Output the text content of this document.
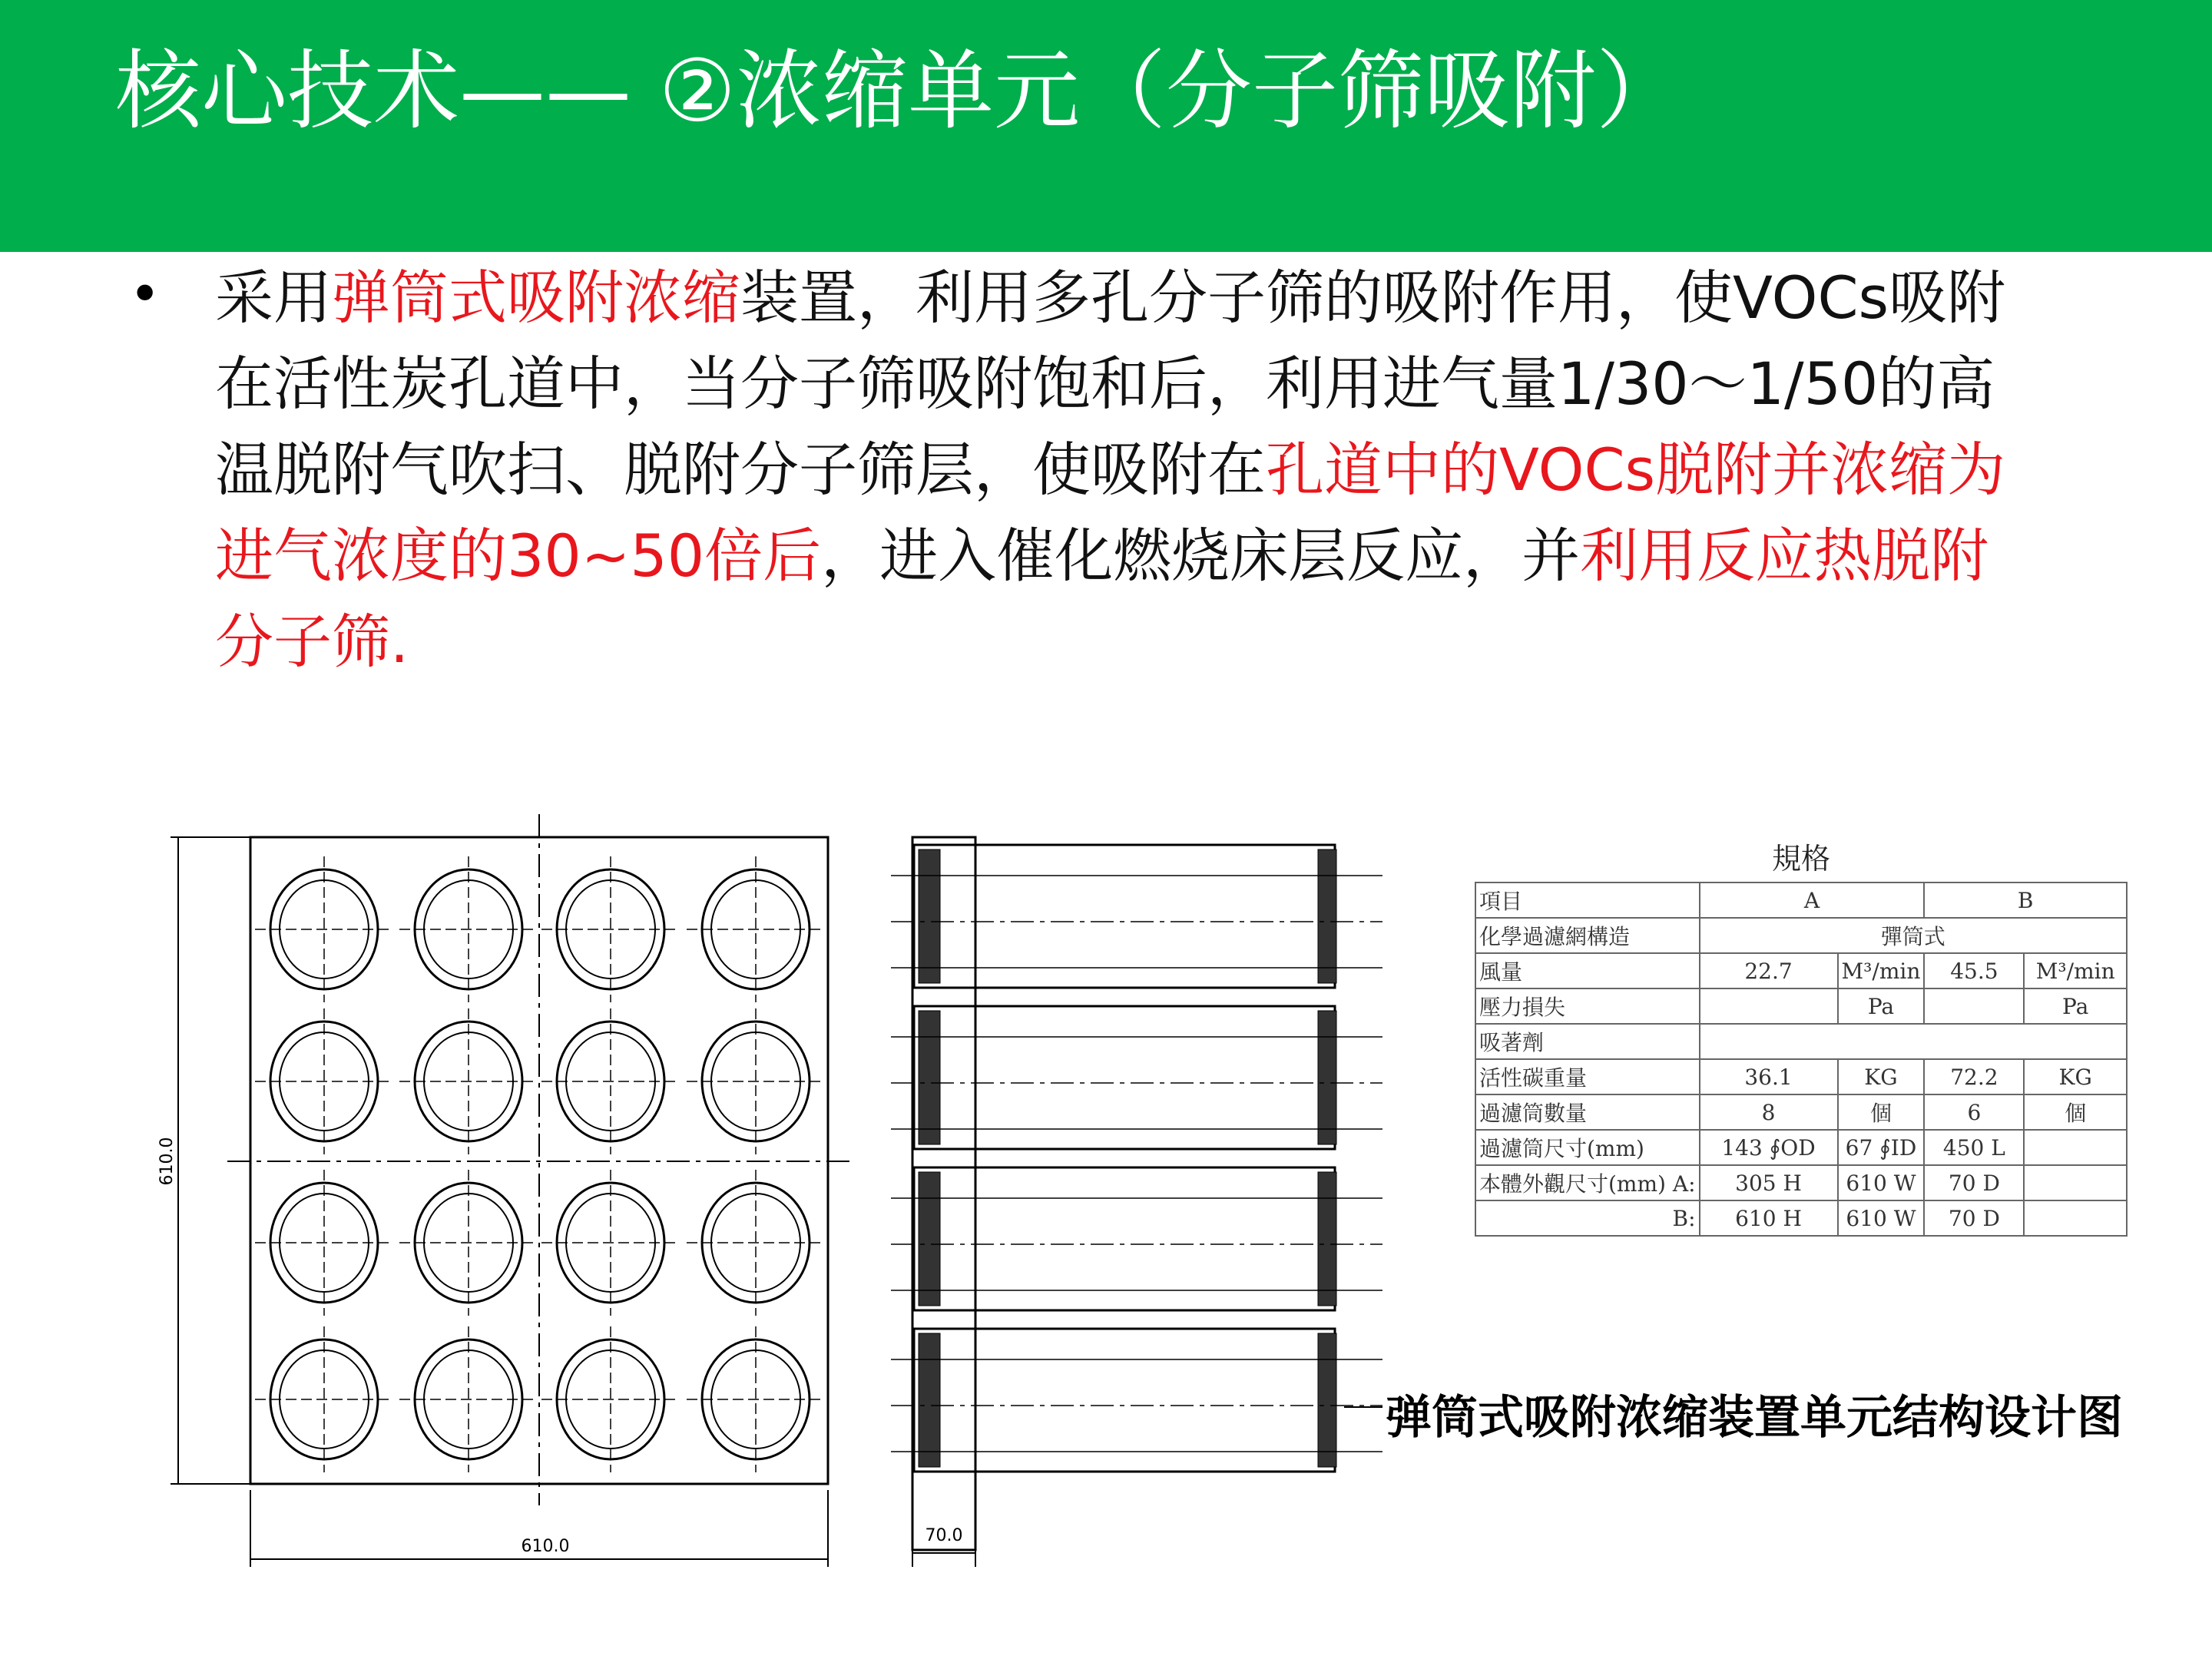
核心技术—— ②浓缩单元（分子筛吸附）
• 采用弹筒式吸附浓缩装置，利用多孔分子筛的吸附作用，使VOCs吸附在活性炭孔道中，当分子筛吸附饱和后，利用进气量1/30～1/50的高温脱附气吹扫、脱附分子筛层，使吸附在孔道中的VOCs脱附并浓缩为进气浓度的30~50倍后，进入催化燃烧床层反应，并利用反应热脱附分子筛.
610.0
610.0
70.0
規格
項目	A		B	
化學過濾網構造	彈筒式			
風量	22.7	M³/min	45.5	M³/min
壓力損失		Pa		Pa
吸著劑				
活性碳重量	36.1	KG	72.2	KG
過濾筒數量	8	個	6	個
過濾筒尺寸(mm)	143 ∮OD	67 ∮ID	450 L	
本體外觀尺寸(mm) A:	305 H	610 W	70 D	
B:	610 H	610 W	70 D	
弹筒式吸附浓缩装置单元结构设计图
